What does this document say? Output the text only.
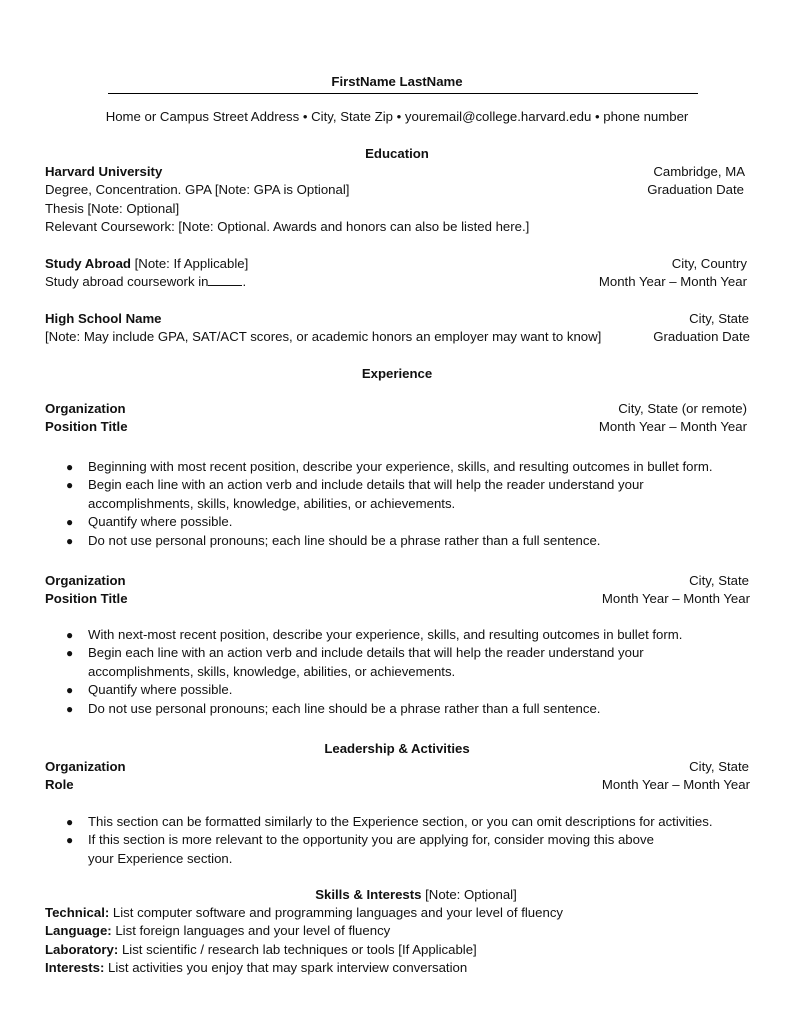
FirstName LastName
Home or Campus Street Address • City, State Zip • youremail@college.harvard.edu • phone number
Education
Harvard University	Cambridge, MA
Degree, Concentration. GPA [Note: GPA is Optional]	Graduation Date
Thesis [Note: Optional]
Relevant Coursework: [Note: Optional. Awards and honors can also be listed here.]
Study Abroad [Note: If Applicable]	City, Country
Study abroad coursework in	.	Month Year – Month Year
High School Name	City, State
[Note: May include GPA, SAT/ACT scores, or academic honors an employer may want to know]	Graduation Date
Experience
Organization	City, State (or remote)
Position Title	Month Year – Month Year
● Beginning with most recent position, describe your experience, skills, and resulting outcomes in bullet form.
● Begin each line with an action verb and include details that will help the reader understand your
accomplishments, skills, knowledge, abilities, or achievements.
● Quantify where possible.
● Do not use personal pronouns; each line should be a phrase rather than a full sentence.
Organization	City, State
Position Title	Month Year – Month Year
● With next-most recent position, describe your experience, skills, and resulting outcomes in bullet form.
● Begin each line with an action verb and include details that will help the reader understand your
accomplishments, skills, knowledge, abilities, or achievements.
● Quantify where possible.
● Do not use personal pronouns; each line should be a phrase rather than a full sentence.
Leadership & Activities
Organization	City, State
Role	Month Year – Month Year
● This section can be formatted similarly to the Experience section, or you can omit descriptions for activities.
● If this section is more relevant to the opportunity you are applying for, consider moving this above
your Experience section.
Skills & Interests [Note: Optional]
Technical: List computer software and programming languages and your level of fluency
Language: List foreign languages and your level of fluency
Laboratory: List scientific / research lab techniques or tools [If Applicable]
Interests: List activities you enjoy that may spark interview conversation
